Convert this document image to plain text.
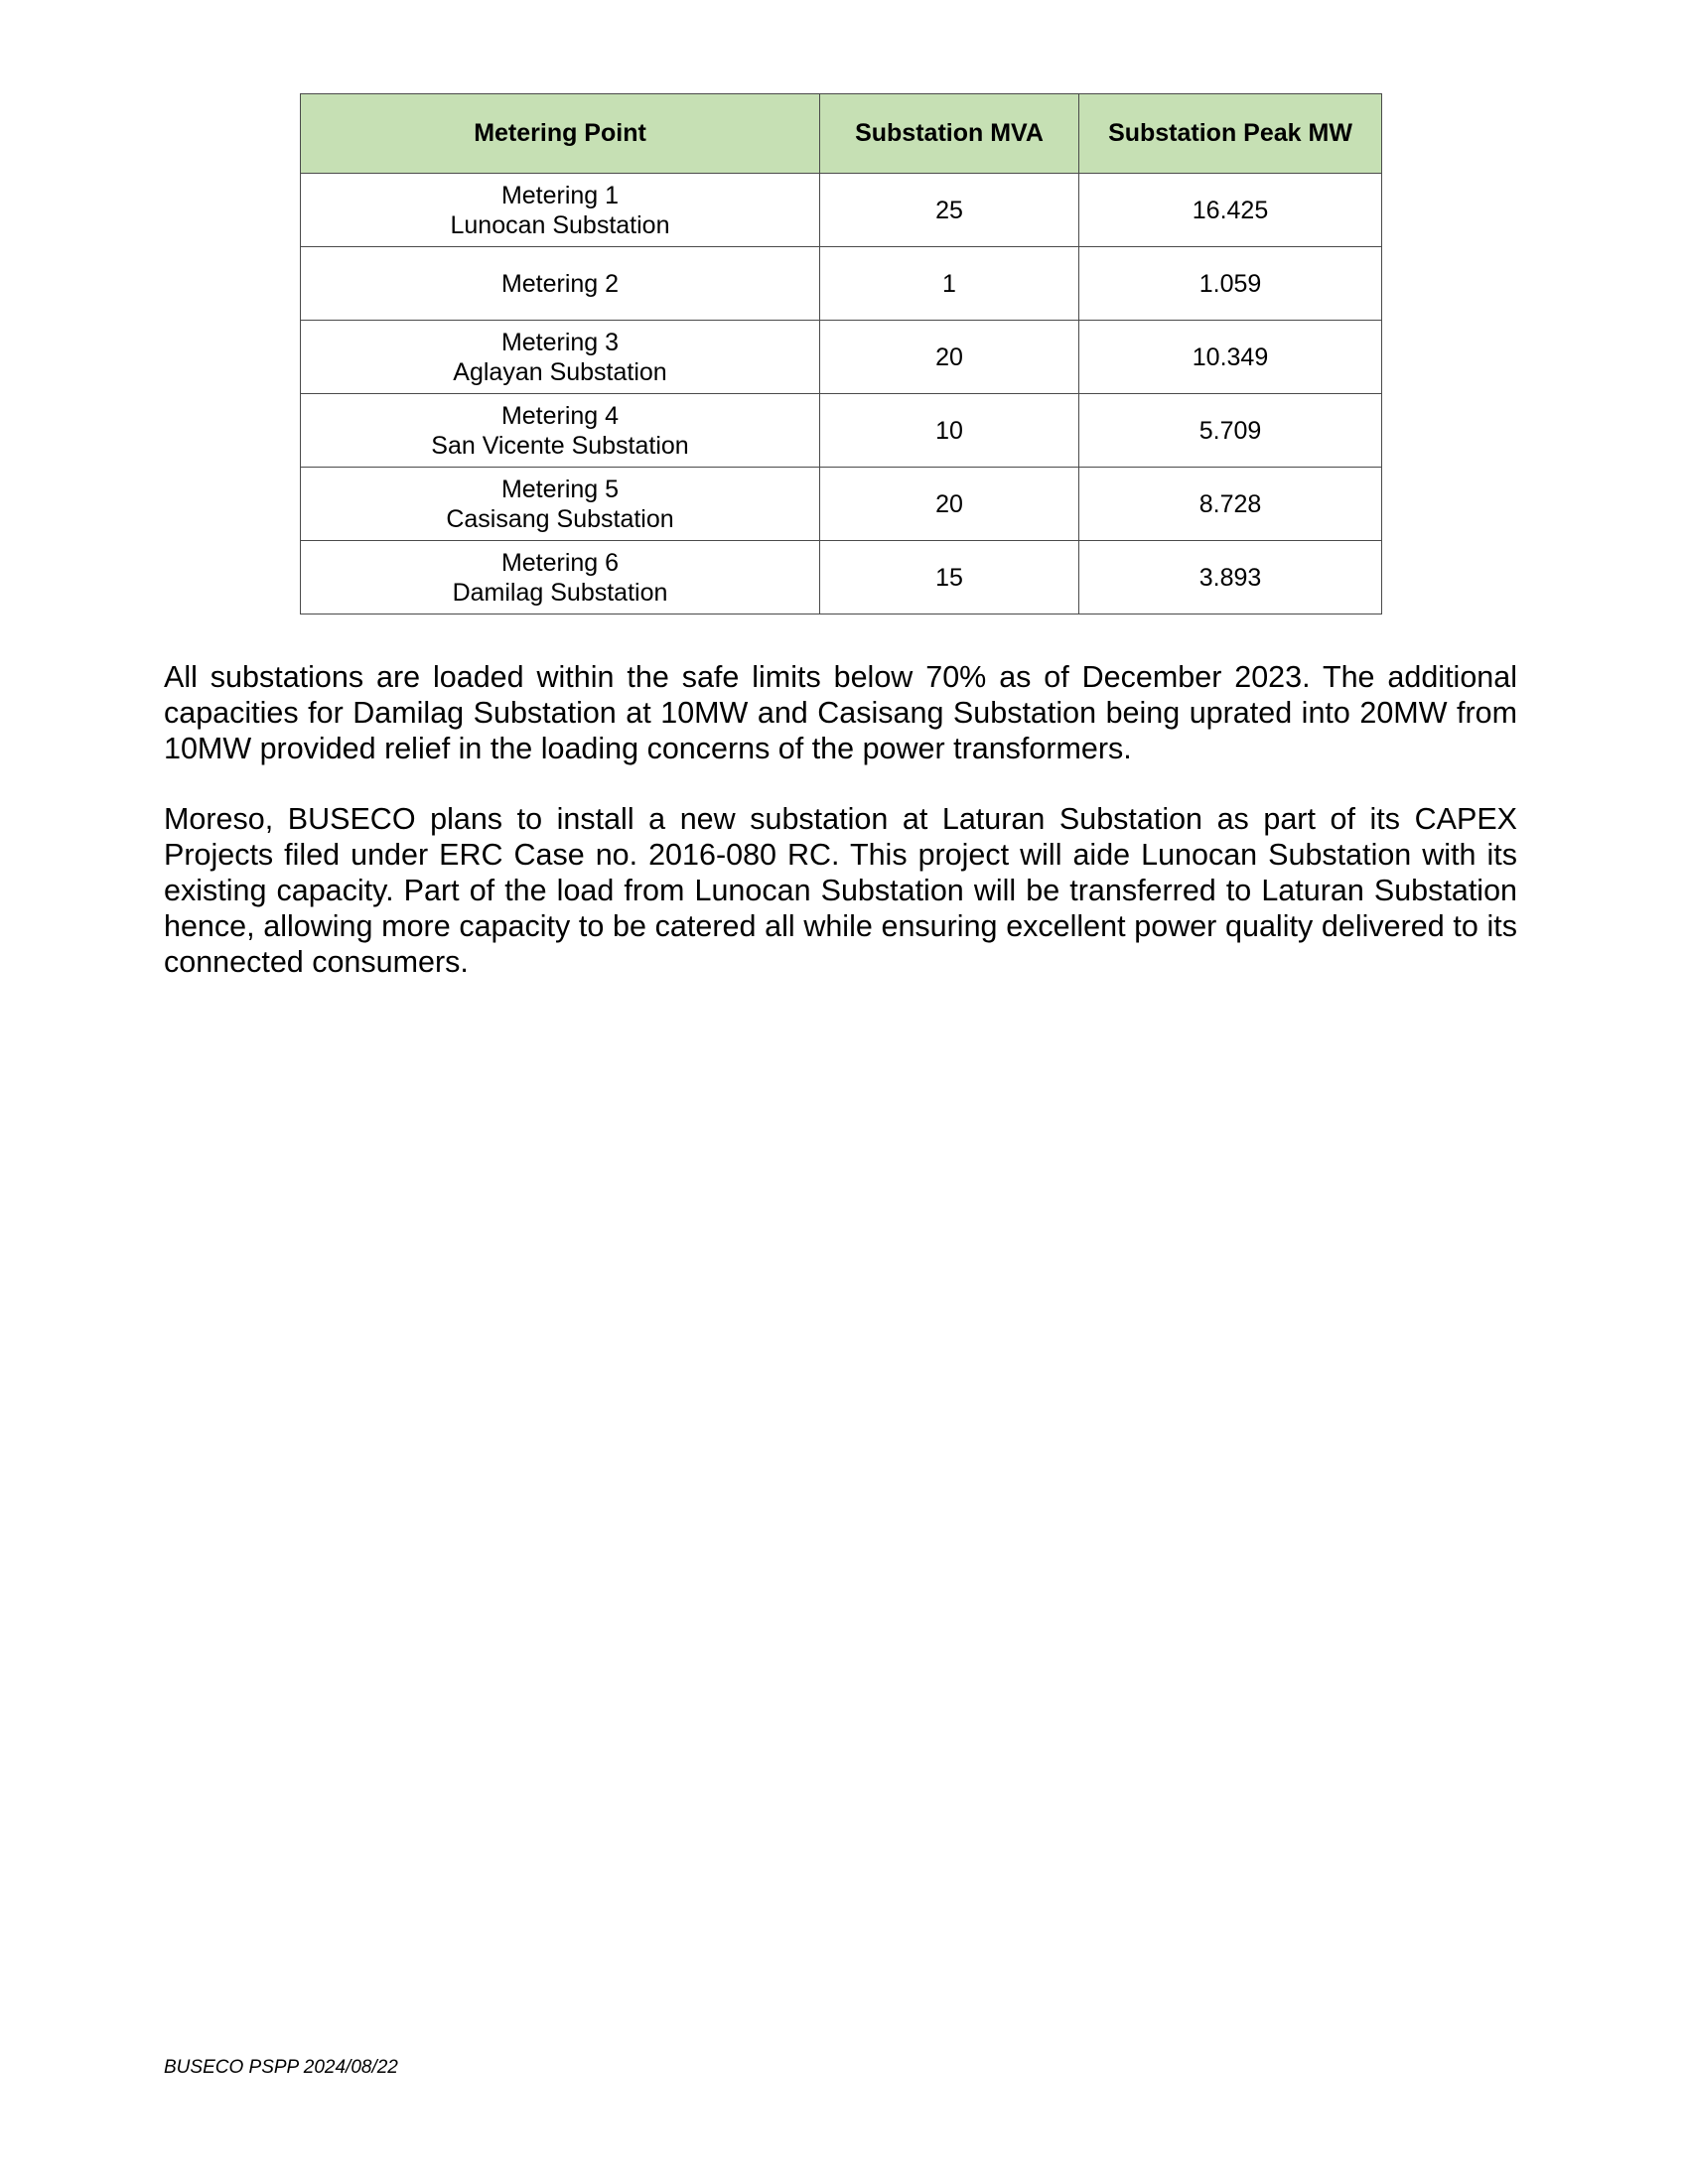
Metering Point	Substation MVA	Substation Peak MW

Metering 1
Lunocan Substation	25	16.425

Metering 2	1	1.059

Metering 3
Aglayan Substation	20	10.349

Metering 4
San Vicente Substation	10	5.709

Metering 5
Casisang Substation	20	8.728

Metering 6
Damilag Substation	15	3.893

All substations are loaded within the safe limits below 70% as of December 2023. The additional capacities for Damilag Substation at 10MW and Casisang Substation being uprated into 20MW from 10MW provided relief in the loading concerns of the power transformers.

Moreso, BUSECO plans to install a new substation at Laturan Substation as part of its CAPEX Projects filed under ERC Case no. 2016-080 RC. This project will aide Lunocan Substation with its existing capacity. Part of the load from Lunocan Substation will be transferred to Laturan Substation hence, allowing more capacity to be catered all while ensuring excellent power quality delivered to its connected consumers.

BUSECO PSPP 2024/08/22
